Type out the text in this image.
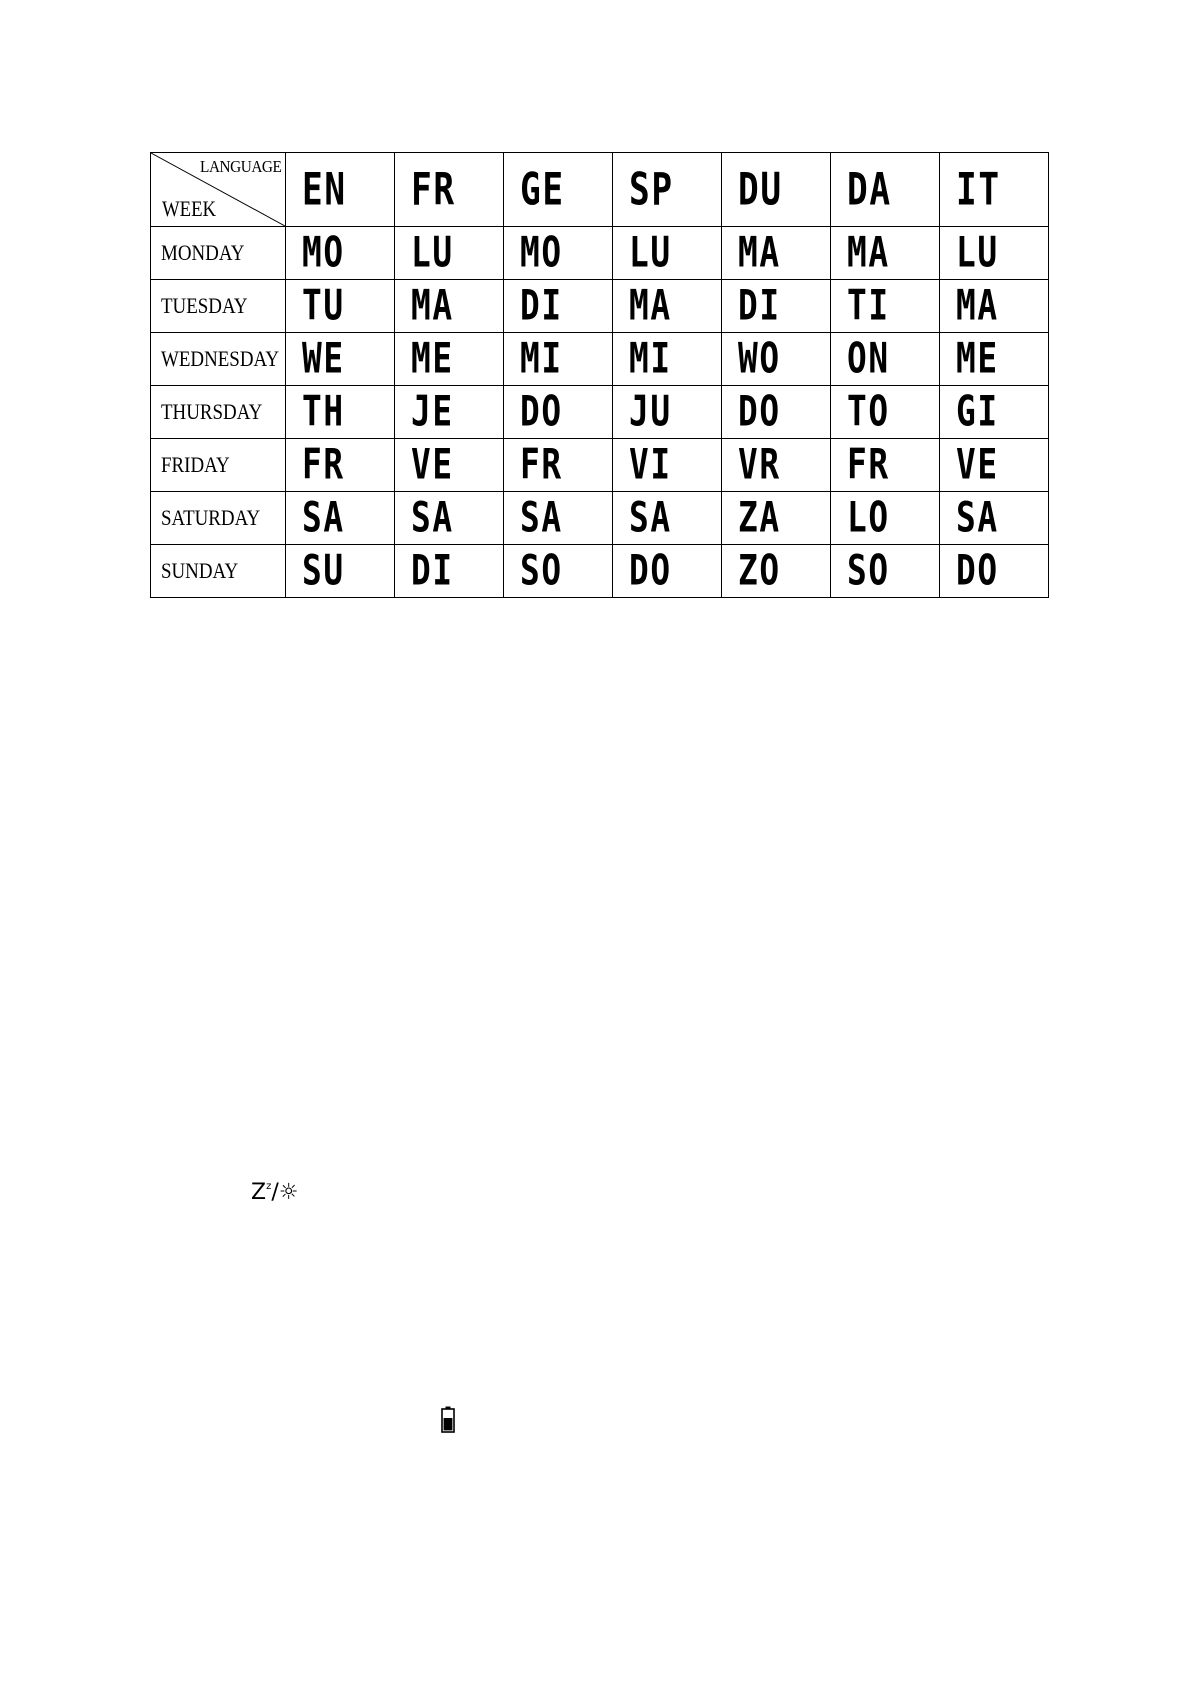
LANGUAGE
WEEK	EN	FR	GE	SP	DU	DA	IT
MONDAY	MO	LU	MO	LU	MA	MA	LU
TUESDAY	TU	MA	DI	MA	DI	TI	MA
WEDNESDAY	WE	ME	MI	MI	WO	ON	ME
THURSDAY	TH	JE	DO	JU	DO	TO	GI
FRIDAY	FR	VE	FR	VI	VR	FR	VE
SATURDAY	SA	SA	SA	SA	ZA	LO	SA
SUNDAY	SU	DI	SO	DO	ZO	SO	DO
$Z^z/☼$
